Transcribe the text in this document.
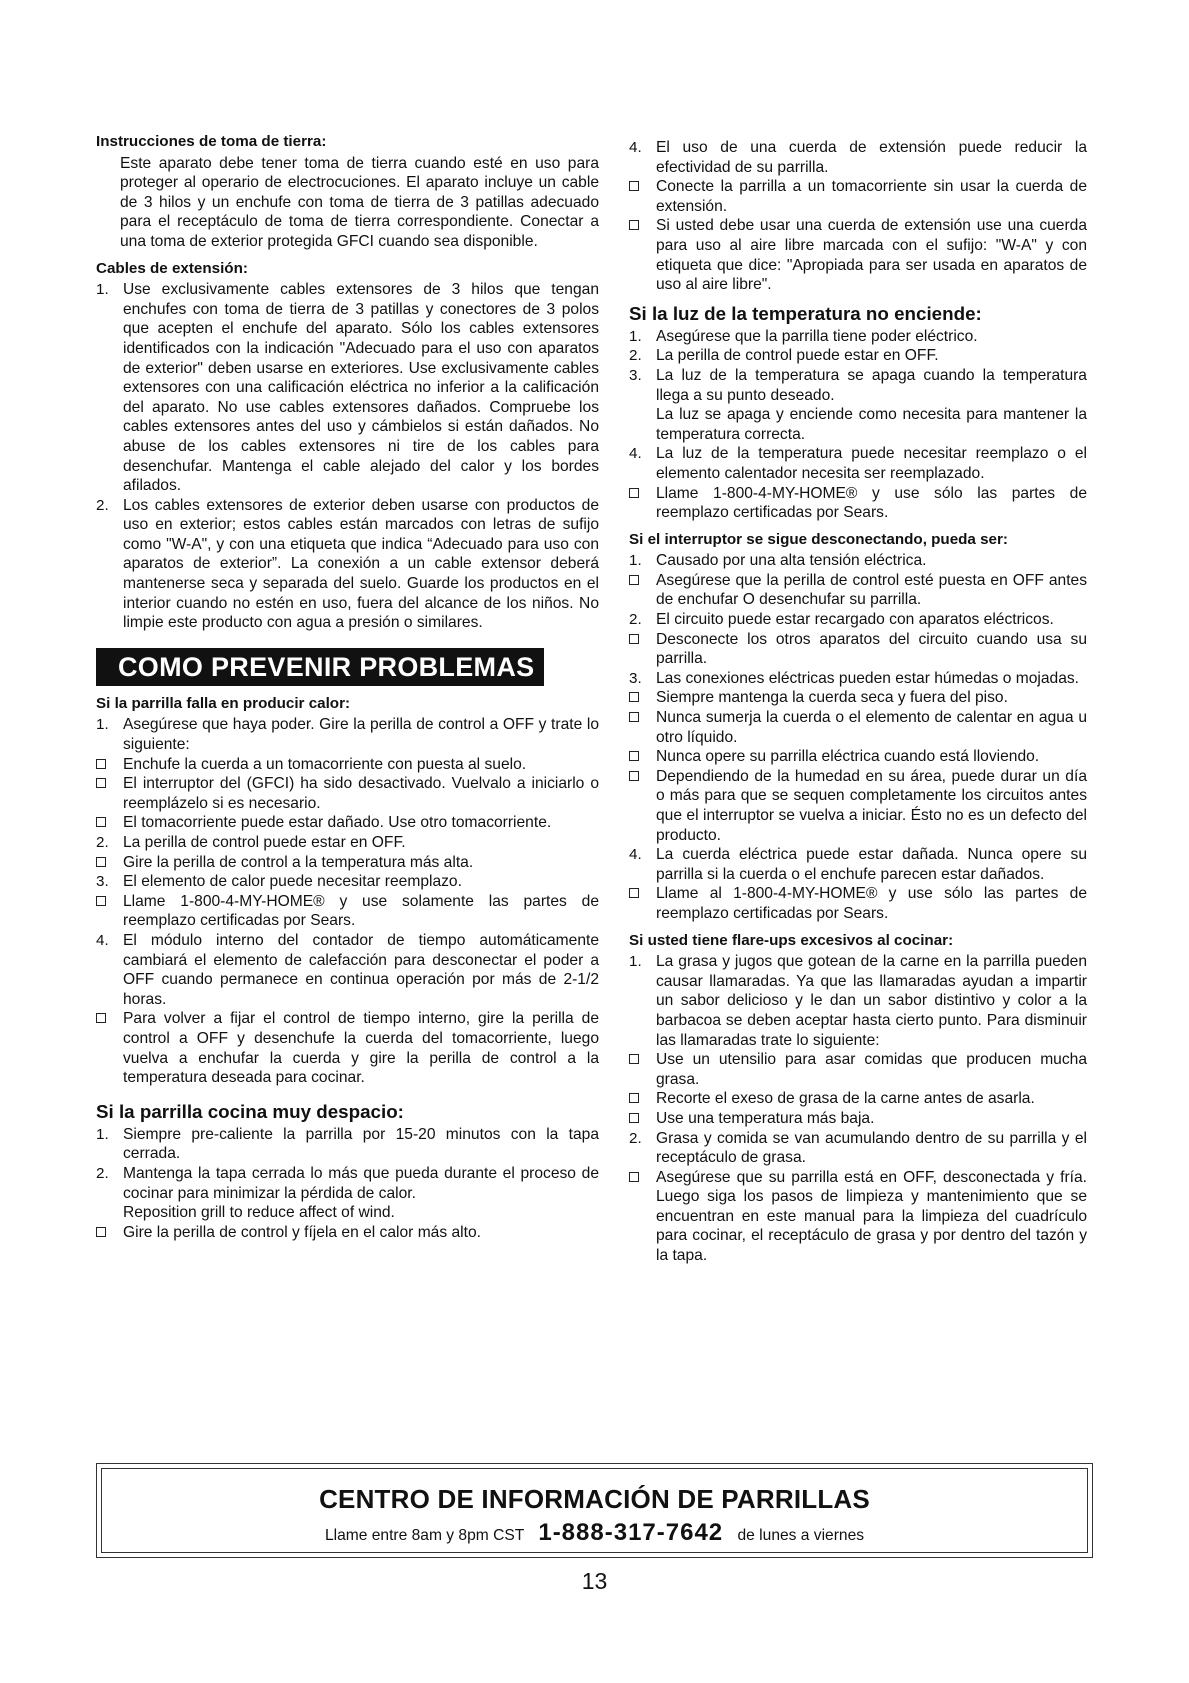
Instrucciones de toma de tierra:
Este aparato debe tener toma de tierra cuando esté en uso para proteger al operario de electrocuciones. El aparato incluye un cable de 3 hilos y un enchufe con toma de tierra de 3 patillas adecuado para el receptáculo de toma de tierra correspondiente. Conectar a una toma de exterior protegida GFCI cuando sea disponible.
Cables de extensión:
1. Use exclusivamente cables extensores de 3 hilos que tengan enchufes con toma de tierra de 3 patillas y conectores de 3 polos que acepten el enchufe del aparato. Sólo los cables extensores identificados con la indicación "Adecuado para el uso con aparatos de exterior" deben usarse en exteriores. Use exclusivamente cables extensores con una calificación eléctrica no inferior a la calificación del aparato. No use cables extensores dañados. Compruebe los cables extensores antes del uso y cámbielos si están dañados. No abuse de los cables extensores ni tire de los cables para desenchufar. Mantenga el cable alejado del calor y los bordes afilados.
2. Los cables extensores de exterior deben usarse con productos de uso en exterior; estos cables están marcados con letras de sufijo como "W-A", y con una etiqueta que indica “Adecuado para uso con aparatos de exterior”. La conexión a un cable extensor deberá mantenerse seca y separada del suelo. Guarde los productos en el interior cuando no estén en uso, fuera del alcance de los niños. No limpie este producto con agua a presión o similares.
COMO PREVENIR PROBLEMAS
Si la parrilla falla en producir calor:
1. Asegúrese que haya poder. Gire la perilla de control a OFF y trate lo siguiente:
Enchufe la cuerda a un tomacorriente con puesta al suelo.
El interruptor del (GFCI) ha sido desactivado. Vuelvalo a iniciarlo o reemplázelo si es necesario.
El tomacorriente puede estar dañado. Use otro tomacorriente.
2. La perilla de control puede estar en OFF.
Gire la perilla de control a la temperatura más alta.
3. El elemento de calor puede necesitar reemplazo.
Llame 1-800-4-MY-HOME® y use solamente las partes de reemplazo certificadas por Sears.
4. El módulo interno del contador de tiempo automáticamente cambiará el elemento de calefacción para desconectar el poder a OFF cuando permanece en continua operación por más de 2-1/2 horas.
Para volver a fijar el control de tiempo interno, gire la perilla de control a OFF y desenchufe la cuerda del tomacorriente, luego vuelva a enchufar la cuerda y gire la perilla de control a la temperatura deseada para cocinar.
Si la parrilla cocina muy despacio:
1. Siempre pre-caliente la parrilla por 15-20 minutos con la tapa cerrada.
2. Mantenga la tapa cerrada lo más que pueda durante el proceso de cocinar para minimizar la pérdida de calor.
Reposition grill to reduce affect of wind.
Gire la perilla de control y fíjela en el calor más alto.
4. El uso de una cuerda de extensión puede reducir la efectividad de su parrilla.
Conecte la parrilla a un tomacorriente sin usar la cuerda de extensión.
Si usted debe usar una cuerda de extensión use una cuerda para uso al aire libre marcada con el sufijo: "W-A" y con etiqueta que dice: "Apropiada para ser usada en aparatos de uso al aire libre".
Si la luz de la temperatura no enciende:
1. Asegúrese que la parrilla tiene poder eléctrico.
2. La perilla de control puede estar en OFF.
3. La luz de la temperatura se apaga cuando la temperatura llega a su punto deseado.
La luz se apaga y enciende como necesita para mantener la temperatura correcta.
4. La luz de la temperatura puede necesitar reemplazo o el elemento calentador necesita ser reemplazado.
Llame 1-800-4-MY-HOME® y use sólo las partes de reemplazo certificadas por Sears.
Si el interruptor se sigue desconectando, pueda ser:
1. Causado por una alta tensión eléctrica.
Asegúrese que la perilla de control esté puesta en OFF antes de enchufar O desenchufar su parrilla.
2. El circuito puede estar recargado con aparatos eléctricos.
Desconecte los otros aparatos del circuito cuando usa su parrilla.
3. Las conexiones eléctricas pueden estar húmedas o mojadas.
Siempre mantenga la cuerda seca y fuera del piso.
Nunca sumerja la cuerda o el elemento de calentar en agua u otro líquido.
Nunca opere su parrilla eléctrica cuando está lloviendo.
Dependiendo de la humedad en su área, puede durar un día o más para que se sequen completamente los circuitos antes que el interruptor se vuelva a iniciar. Ésto no es un defecto del producto.
4. La cuerda eléctrica puede estar dañada. Nunca opere su parrilla si la cuerda o el enchufe parecen estar dañados.
Llame al 1-800-4-MY-HOME® y use sólo las partes de reemplazo certificadas por Sears.
Si usted tiene flare-ups excesivos al cocinar:
1. La grasa y jugos que gotean de la carne en la parrilla pueden causar llamaradas. Ya que las llamaradas ayudan a impartir un sabor delicioso y le dan un sabor distintivo y color a la barbacoa se deben aceptar hasta cierto punto. Para disminuir las llamaradas trate lo siguiente:
Use un utensilio para asar comidas que producen mucha grasa.
Recorte el exeso de grasa de la carne antes de asarla.
Use una temperatura más baja.
2. Grasa y comida se van acumulando dentro de su parrilla y el receptáculo de grasa.
Asegúrese que su parrilla está en OFF, desconectada y fría. Luego siga los pasos de limpieza y mantenimiento que se encuentran en este manual para la limpieza del cuadrículo para cocinar, el receptáculo de grasa y por dentro del tazón y la tapa.
CENTRO DE INFORMACIÓN DE PARRILLAS
Llame entre 8am y 8pm CST 1-888-317-7642 de lunes a viernes
13
